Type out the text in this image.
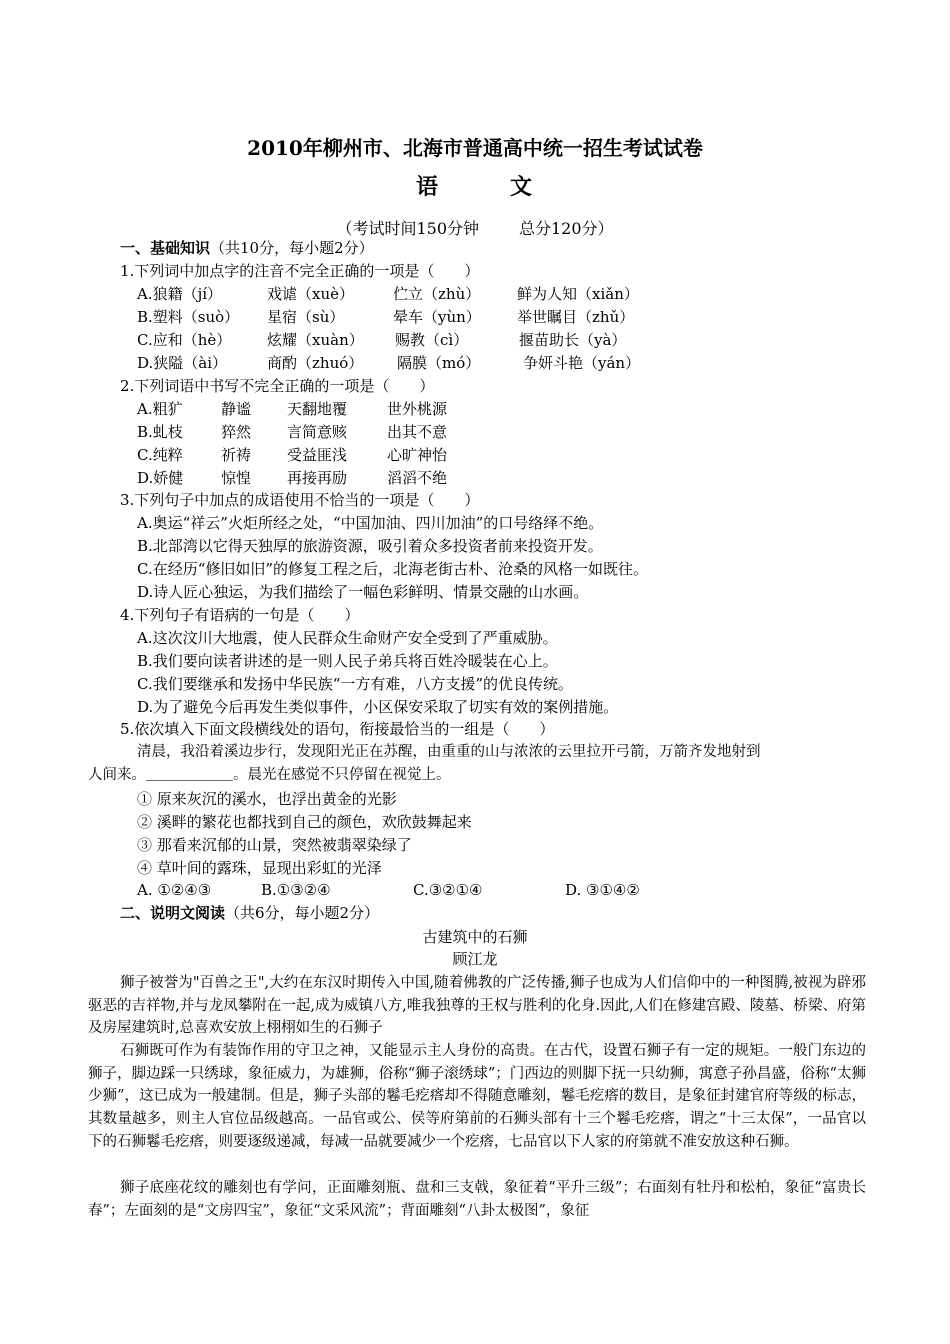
2010年柳州市、北海市普通高中统一招生考试试卷
语	文
（考试时间150分钟	总分120分）
一、基础知识（共10分，每小题2分）
1.下列词中加点字的注音不完全正确的一项是（　　）
A.狼籍（jí）	戏谑（xuè）	伫立（zhù） 鲜为人知（xiǎn）
B.塑料（suò） 星宿（sù）	晕车（yùn） 举世瞩目（zhǔ）
C.应和（hè） 炫耀（xuàn） 赐教（cì）	揠苗助长（yà）
D.狭隘（ài）	商酌（zhuó） 隔膜（mó）	争妍斗艳（yán）
2.下列词语中书写不完全正确的一项是（　　）
A.粗犷	静谧 天翻地覆	世外桃源
B.虬枝	猝然 言简意赅	出其不意
C.纯粹	祈祷 受益匪浅	心旷神怡
D.娇健	惊惶 再接再励	滔滔不绝
3.下列句子中加点的成语使用不恰当的一项是（　　）
A.奥运“祥云”火炬所经之处，“中国加油、四川加油”的口号络绎不绝。
B.北部湾以它得天独厚的旅游资源，吸引着众多投资者前来投资开发。
C.在经历“修旧如旧”的修复工程之后，北海老街古朴、沧桑的风格一如既往。
D.诗人匠心独运，为我们描绘了一幅色彩鲜明、情景交融的山水画。
4.下列句子有语病的一句是（　　）
A.这次汶川大地震，使人民群众生命财产安全受到了严重威胁。
B.我们要向读者讲述的是一则人民子弟兵将百姓冷暖装在心上。
C.我们要继承和发扬中华民族“一方有难，八方支援”的优良传统。
D.为了避免今后再发生类似事件，小区保安采取了切实有效的案例措施。
5.依次填入下面文段横线处的语句，衔接最恰当的一组是（　　）
清晨，我沿着溪边步行，发现阳光正在苏醒，由重重的山与浓浓的云里拉开弓箭，万箭齐发地射到
人间来。＿＿＿＿＿＿。晨光在感觉不只停留在视觉上。
① 原来灰沉的溪水，也浮出黄金的光影
② 溪畔的繁花也都找到自己的颜色，欢欣鼓舞起来
③ 那看来沉郁的山景，突然被翡翠染绿了
④ 草叶间的露珠，显现出彩虹的光泽
A. ①②④③	B.①③②④	C.③②①④	D. ③①④②
二、说明文阅读（共6分，每小题2分）
古建筑中的石狮
顾江龙
狮子被誉为"百兽之王",大约在东汉时期传入中国,随着佛教的广泛传播,狮子也成为人们信仰中的一种图腾,被视为辟邪驱恶的吉祥物,并与龙凤攀附在一起,成为威镇八方,唯我独尊的王权与胜利的化身.因此,人们在修建宫殿、陵墓、桥梁、府第及房屋建筑时,总喜欢安放上栩栩如生的石狮子
石狮既可作为有装饰作用的守卫之神，又能显示主人身份的高贵。在古代，设置石狮子有一定的规矩。一般门东边的狮子，脚边踩一只绣球，象征威力，为雄狮，俗称“狮子滚绣球”；门西边的则脚下抚一只幼狮，寓意子孙昌盛，俗称“太狮少狮”，这已成为一般建制。但是，狮子头部的鬈毛疙瘩却不得随意雕刻，鬈毛疙瘩的数目，是象征封建官府等级的标志，其数量越多，则主人官位品级越高。一品官或公、侯等府第前的石狮头部有十三个鬈毛疙瘩，谓之“十三太保”，一品官以下的石狮鬈毛疙瘩，则要逐级递减，每减一品就要减少一个疙瘩，七品官以下人家的府第就不准安放这种石狮。
狮子底座花纹的雕刻也有学问，正面雕刻瓶、盘和三支戟，象征着“平升三级”；右面刻有牡丹和松柏，象征“富贵长春”；左面刻的是“文房四宝”，象征“文采风流”；背面雕刻“八卦太极图”，象征
